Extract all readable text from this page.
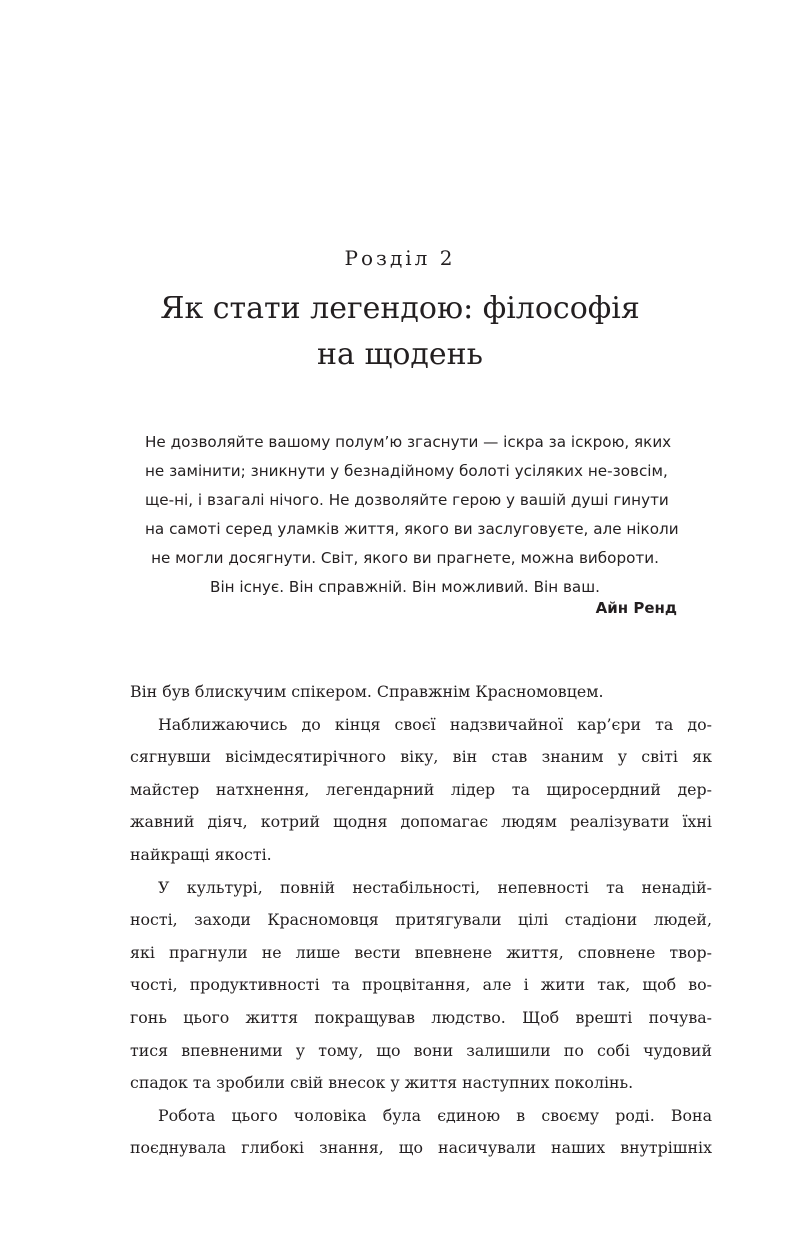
Розділ 2
Як стати легендою: філософія
на щодень
Не дозволяйте вашому полум’ю згаснути — іскра за іскрою, яких
не замінити; зникнути у безнадійному болоті усіляких не-зовсім,
ще-ні, і взагалі нічого. Не дозволяйте герою у вашій душі гинути
на самоті серед уламків життя, якого ви заслуговуєте, але ніколи
не могли досягнути. Світ, якого ви прагнете, можна вибороти.
Він існує. Він справжній. Він можливий. Він ваш.
Айн Ренд
Він був блискучим спікером. Справжнім Красномовцем.
Наближаючись до кінця своєї надзвичайної кар’єри та до-
сягнувши вісімдесятирічного віку, він став знаним у світі як
майстер натхнення, легендарний лідер та щиросердний дер-
жавний діяч, котрий щодня допомагає людям реалізувати їхні
найкращі якості.
У культурі, повній нестабільності, непевності та ненадій-
ності, заходи Красномовця притягували цілі стадіони людей,
які прагнули не лише вести впевнене життя, сповнене твор-
чості, продуктивності та процвітання, але і жити так, щоб во-
гонь цього життя покращував людство. Щоб врешті почува-
тися впевненими у тому, що вони залишили по собі чудовий
спадок та зробили свій внесок у життя наступних поколінь.
Робота цього чоловіка була єдиною в своєму роді. Вона
поєднувала глибокі знання, що насичували наших внутрішніх
